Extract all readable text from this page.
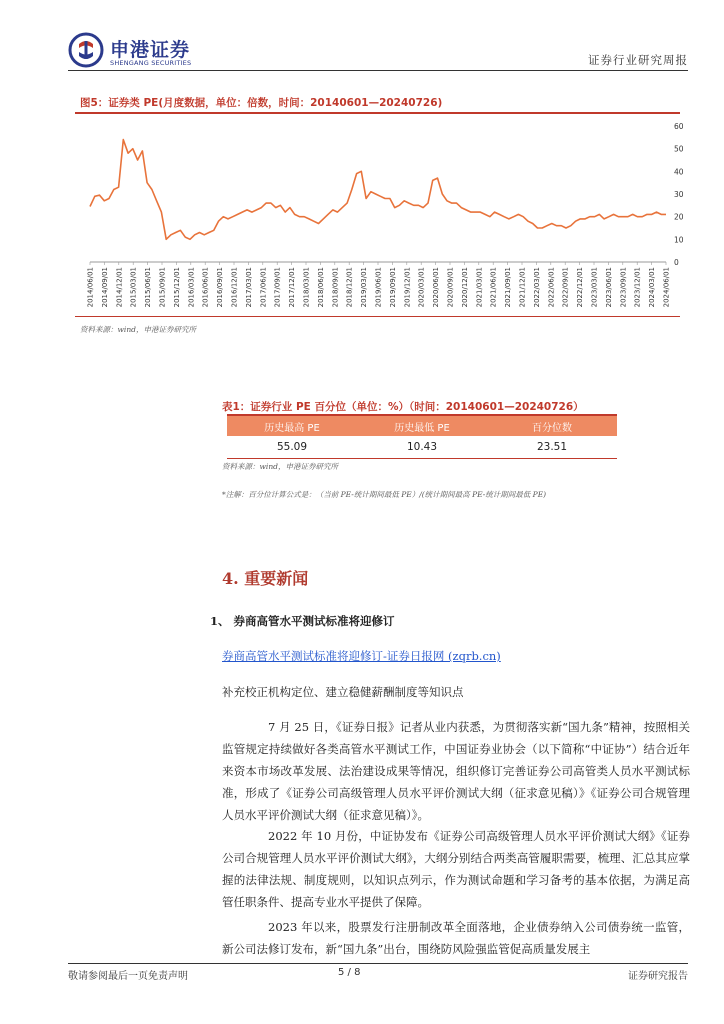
申港证券
SHENGANG SECURITIES	证券行业研究周报
图5：证券类 PE(月度数据，单位：倍数，时间：20140601—20240726)
0
10
20
30
40
50
60
2014/06/01 2014/09/01 2014/12/01 2015/03/01 2015/06/01 2015/09/01 2015/12/01 2016/03/01 2016/06/01 2016/09/01 2016/12/01 2017/03/01 2017/06/01 2017/09/01 2017/12/01 2018/03/01 2018/06/01 2018/09/01 2018/12/01 2019/03/01 2019/06/01 2019/09/01 2019/12/01 2020/03/01 2020/06/01 2020/09/01 2020/12/01 2021/03/01 2021/06/01 2021/09/01 2021/12/01 2022/03/01 2022/06/01 2022/09/01 2022/12/01 2023/03/01 2023/06/01 2023/09/01 2023/12/01 2024/03/01 2024/06/01
资料来源：wind，申港证券研究所
表1：证券行业 PE 百分位（单位：%）（时间：20140601—20240726）
历史最高 PE	历史最低 PE	百分位数
55.09	10.43	23.51
资料来源：wind，申港证券研究所
*注解：百分位计算公式是：（当前 PE-统计期间最低 PE）/(统计期间最高 PE-统计期间最低 PE)
4. 重要新闻
1、 券商高管水平测试标准将迎修订
券商高管水平测试标准将迎修订-证券日报网 (zqrb.cn)
补充校正机构定位、建立稳健薪酬制度等知识点
7 月 25 日，《证券日报》记者从业内获悉，为贯彻落实新“国九条”精神，按照相关监管规定持续做好各类高管水平测试工作，中国证券业协会（以下简称“中证协”）结合近年来资本市场改革发展、法治建设成果等情况，组织修订完善证券公司高管类人员水平测试标准，形成了《证券公司高级管理人员水平评价测试大纲（征求意见稿）》《证券公司合规管理人员水平评价测试大纲（征求意见稿）》。
2022 年 10 月份，中证协发布《证券公司高级管理人员水平评价测试大纲》《证券公司合规管理人员水平评价测试大纲》，大纲分别结合两类高管履职需要，梳理、汇总其应掌握的法律法规、制度规则，以知识点列示，作为测试命题和学习备考的基本依据，为满足高管任职条件、提高专业水平提供了保障。
2023 年以来，股票发行注册制改革全面落地，企业债券纳入公司债券统一监管，新公司法修订发布，新“国九条”出台，围绕防风险强监管促高质量发展主
敬请参阅最后一页免责声明	5 / 8	证券研究报告
